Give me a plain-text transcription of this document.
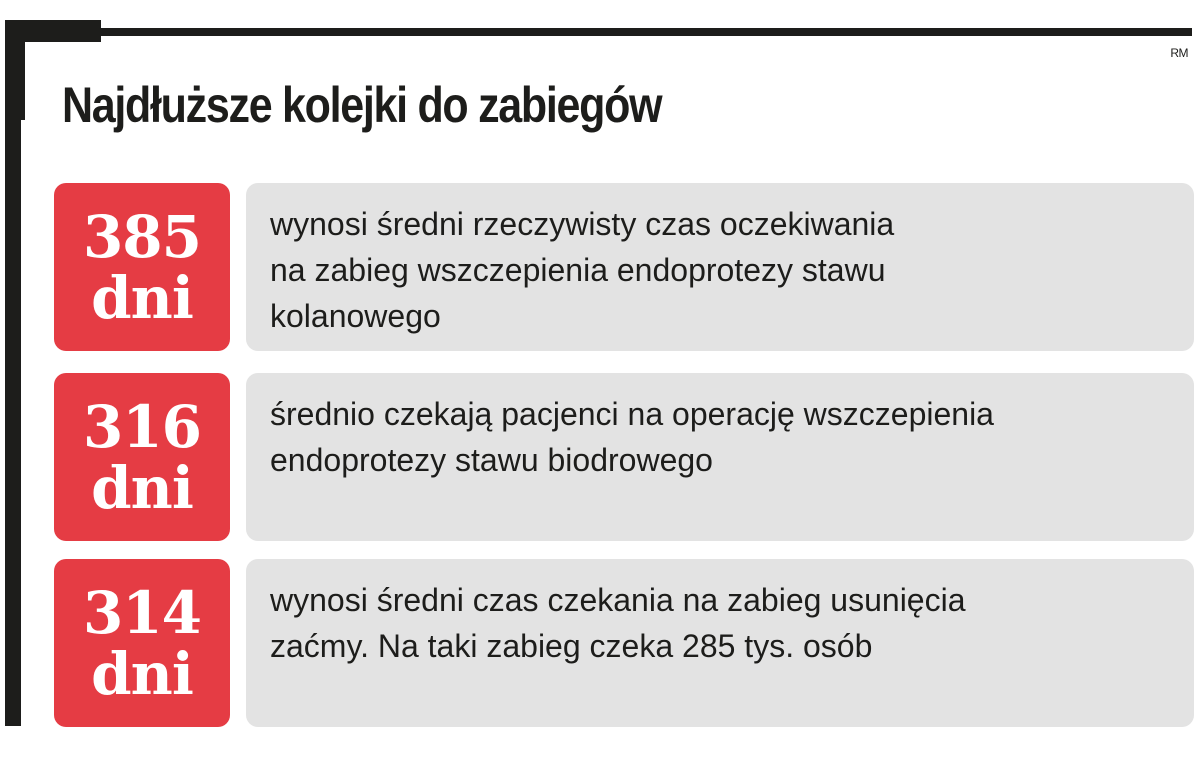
RM
Najdłuższe kolejki do zabiegów
385
dni
wynosi średni rzeczywisty czas oczekiwania
na zabieg wszczepienia endoprotezy stawu
kolanowego
316
dni
średnio czekają pacjenci na operację wszczepienia
endoprotezy stawu biodrowego
314
dni
wynosi średni czas czekania na zabieg usunięcia
zaćmy. Na taki zabieg czeka 285 tys. osób
